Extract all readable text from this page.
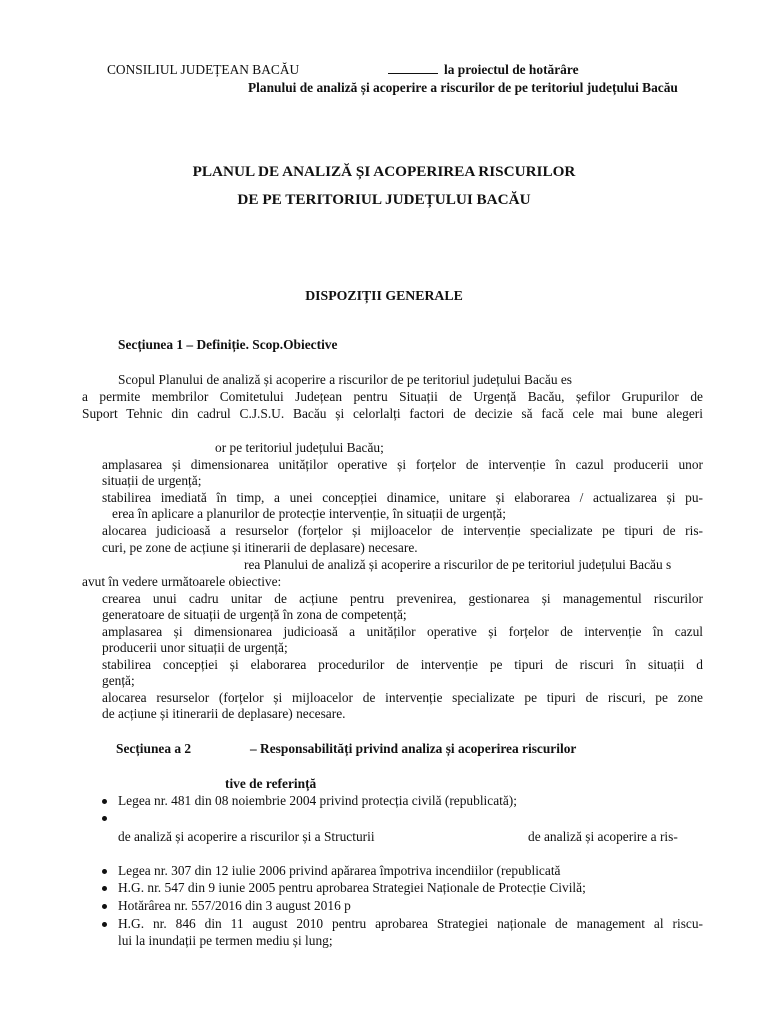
CONSILIUL JUDEȚEAN BACĂU	la proiectul de hotărâre
Planului de analiză și acoperire a riscurilor de pe teritoriul județului Bacău
PLANUL DE ANALIZĂ ȘI ACOPERIREA RISCURILOR
DE PE TERITORIUL JUDEȚULUI BACĂU
DISPOZIȚII GENERALE
Secțiunea 1 – Definiție. Scop.Obiective
Scopul Planului de analiză și acoperire a riscurilor de pe teritoriul județului Bacău es
a permite membrilor Comitetului Județean pentru Situații de Urgență Bacău, șefilor Grupurilor de
Suport Tehnic din cadrul C.J.S.U. Bacău și celorlalți factori de decizie să facă cele mai bune alegeri
or pe teritoriul județului Bacău;
amplasarea și dimensionarea unităților operative și forțelor de intervenție în cazul producerii unor
situații de urgență;
stabilirea imediată în timp, a unei concepției dinamice, unitare și elaborarea / actualizarea și pu-
erea în aplicare a planurilor de protecție intervenție, în situații de urgență;
alocarea judicioasă a resurselor (forțelor și mijloacelor de intervenție specializate pe tipuri de ris-
curi, pe zone de acțiune și itinerarii de deplasare) necesare.
rea Planului de analiză și acoperire a riscurilor de pe teritoriul județului Bacău s
avut în vedere următoarele obiective:
crearea unui cadru unitar de acțiune pentru prevenirea, gestionarea și managementul riscurilor
generatoare de situații de urgență în zona de competență;
amplasarea și dimensionarea judicioasă a unităților operative și forțelor de intervenție în cazul
producerii unor situații de urgență;
stabilirea concepției și elaborarea procedurilor de intervenție pe tipuri de riscuri în situații d
gență;
alocarea resurselor (forțelor și mijloacelor de intervenție specializate pe tipuri de riscuri, pe zone
de acțiune și itinerarii de deplasare) necesare.
Secțiunea a 2	– Responsabilități privind analiza și acoperirea riscurilor
tive de referință
Legea nr. 481 din 08 noiembrie 2004 privind protecția civilă (republicată);
de analiză și acoperire a riscurilor și a Structurii	de analiză și acoperire a ris-
Legea nr. 307 din 12 iulie 2006 privind apărarea împotriva incendiilor (republicată
H.G. nr. 547 din 9 iunie 2005 pentru aprobarea Strategiei Naționale de Protecție Civilă;
Hotărârea nr. 557/2016 din 3 august 2016 p
H.G. nr. 846 din 11 august 2010 pentru aprobarea Strategiei naționale de management al riscu-
lui la inundații pe termen mediu și lung;
